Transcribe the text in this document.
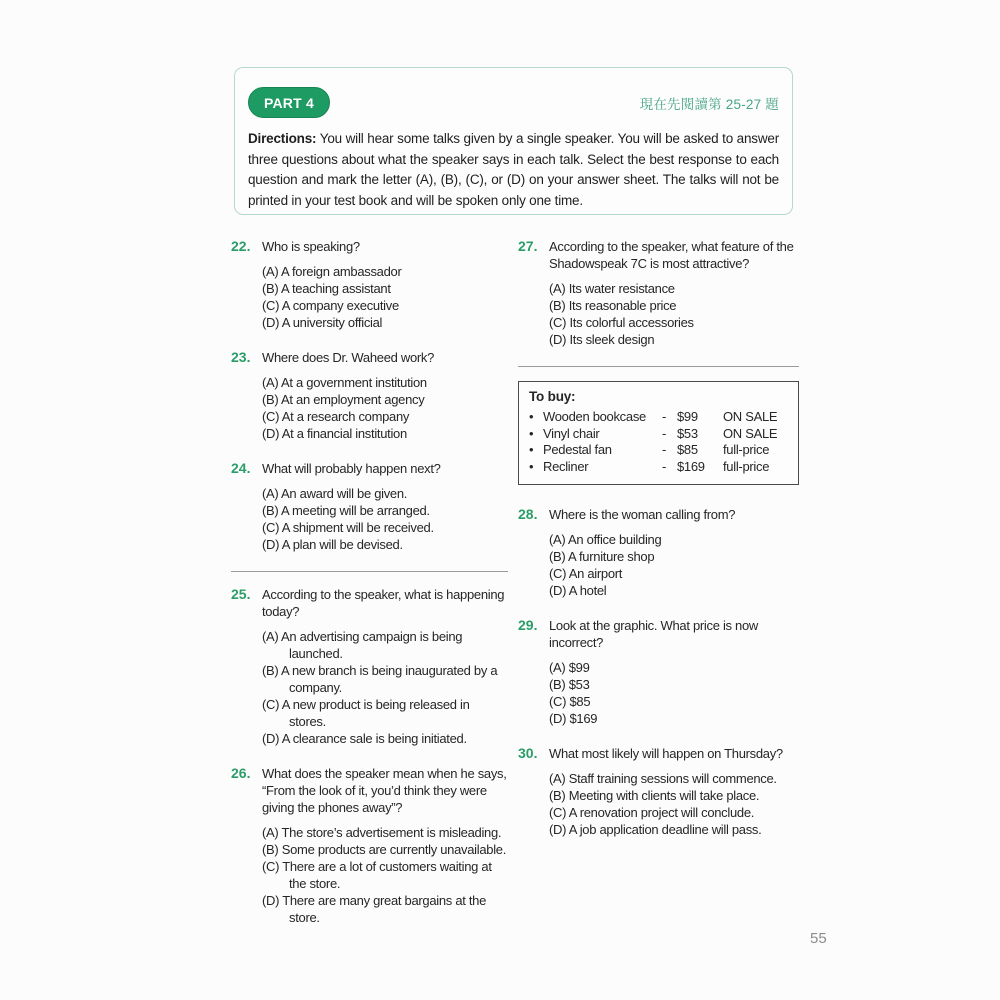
PART 4	現在先閱讀第 25-27 題

Directions: You will hear some talks given by a single speaker. You will be asked to answer three questions about what the speaker says in each talk. Select the best response to each question and mark the letter (A), (B), (C), or (D) on your answer sheet. The talks will not be printed in your test book and will be spoken only one time.

22. Who is speaking?
(A) A foreign ambassador
(B) A teaching assistant
(C) A company executive
(D) A university official
23. Where does Dr. Waheed work?
(A) At a government institution
(B) At an employment agency
(C) At a research company
(D) At a financial institution
24. What will probably happen next?
(A) An award will be given.
(B) A meeting will be arranged.
(C) A shipment will be received.
(D) A plan will be devised.
25. According to the speaker, what is happening today?
(A) An advertising campaign is being launched.
(B) A new branch is being inaugurated by a company.
(C) A new product is being released in stores.
(D) A clearance sale is being initiated.
26. What does the speaker mean when he says, “From the look of it, you’d think they were giving the phones away”?
(A) The store’s advertisement is misleading.
(B) Some products are currently unavailable.
(C) There are a lot of customers waiting at the store.
(D) There are many great bargains at the store.
27. According to the speaker, what feature of the Shadowspeak 7C is most attractive?
(A) Its water resistance
(B) Its reasonable price
(C) Its colorful accessories
(D) Its sleek design
To buy:
• Wooden bookcase	- $99	ON SALE
• Vinyl chair	- $53	ON SALE
• Pedestal fan	- $85	full-price
• Recliner	- $169	full-price
28. Where is the woman calling from?
(A) An office building
(B) A furniture shop
(C) An airport
(D) A hotel
29. Look at the graphic. What price is now incorrect?
(A) $99
(B) $53
(C) $85
(D) $169
30. What most likely will happen on Thursday?
(A) Staff training sessions will commence.
(B) Meeting with clients will take place.
(C) A renovation project will conclude.
(D) A job application deadline will pass.
55
